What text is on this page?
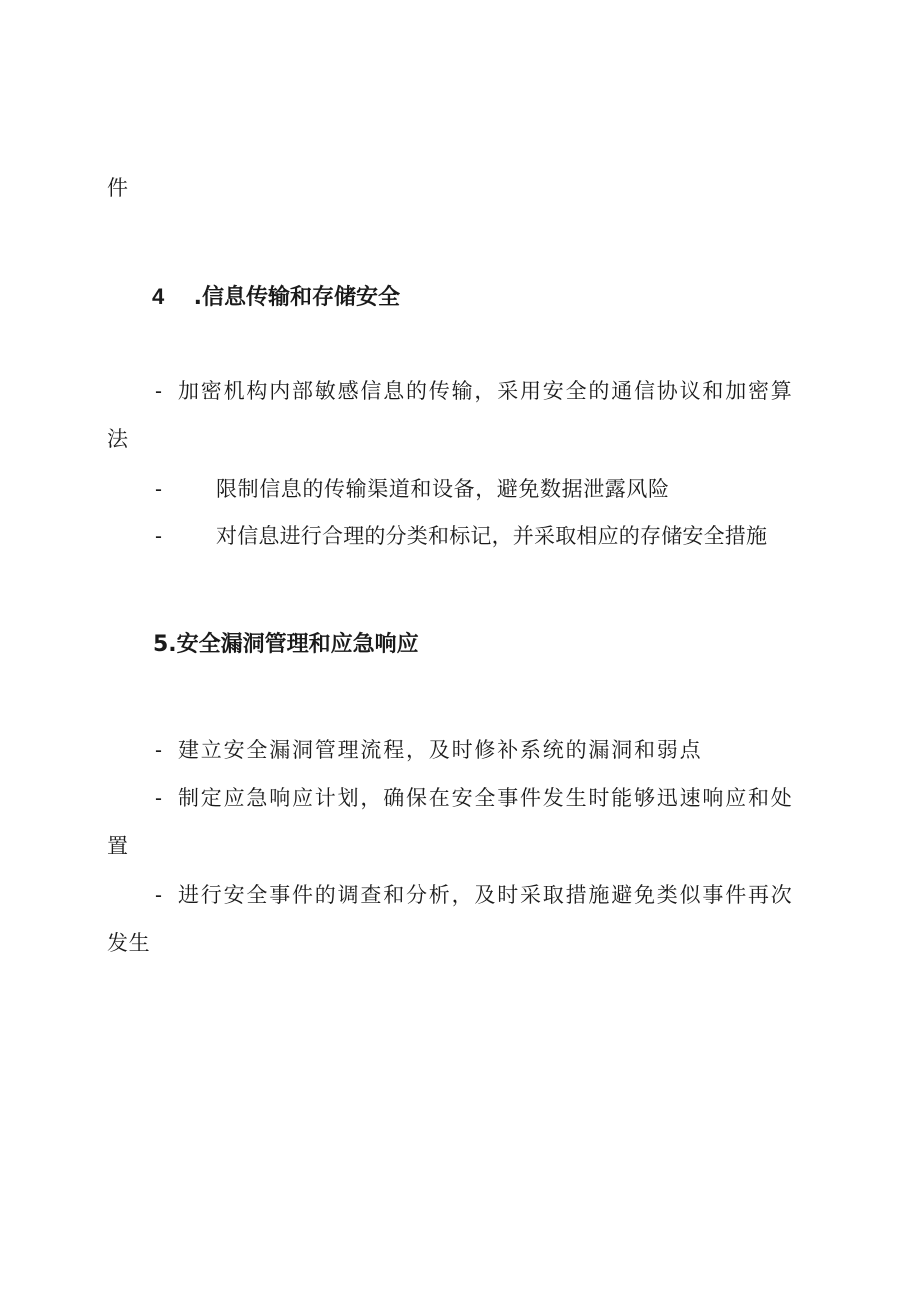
件
4 .信息传输和存储安全
- 加密机构内部敏感信息的传输，采用安全的通信协议和加密算
法
-	限制信息的传输渠道和设备，避免数据泄露风险
-	对信息进行合理的分类和标记，并采取相应的存储安全措施
5.安全漏洞管理和应急响应
- 建立安全漏洞管理流程，及时修补系统的漏洞和弱点
- 制定应急响应计划，确保在安全事件发生时能够迅速响应和处
置
- 进行安全事件的调查和分析，及时采取措施避免类似事件再次
发生
